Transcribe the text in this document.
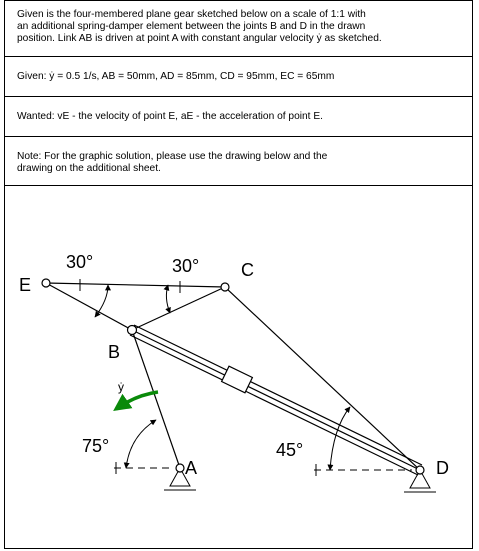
Given is the four-membered plane gear sketched below on a scale of 1:1 with

an additional spring-damper element between the joints B and D in the drawn

position. Link AB is driven at point A with constant angular velocity ẏ as sketched.

Given: ẏ = 0.5 1/s, AB = 50mm, AD = 85mm, CD = 95mm, EC = 65mm

Wanted: vE - the velocity of point E, aE - the acceleration of point E.

Note: For the graphic solution, please use the drawing below and the

drawing on the additional sheet.

E
C
B
A	D
30°	30°
75°	45°
ẏ
